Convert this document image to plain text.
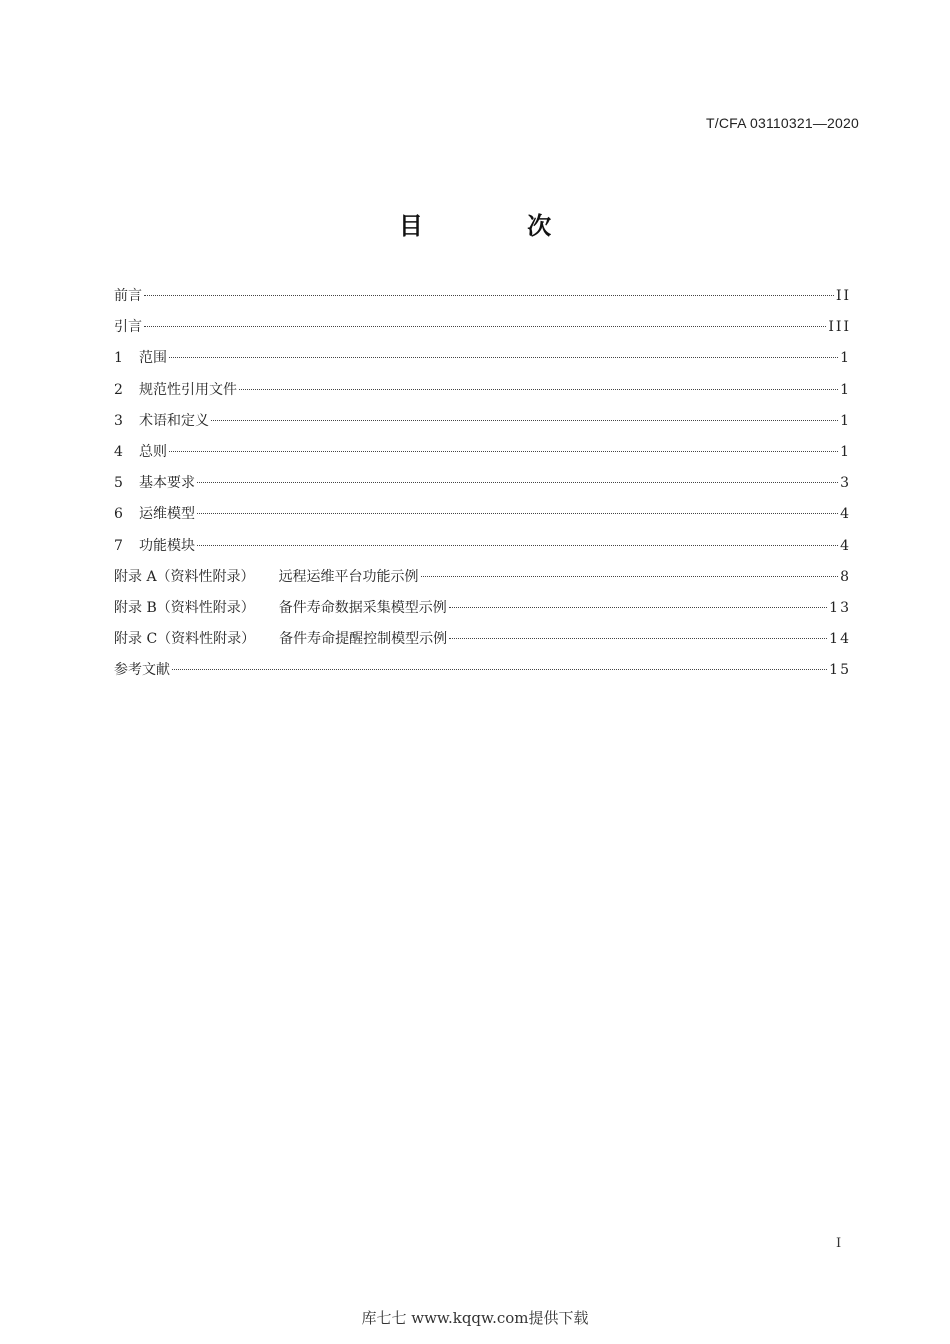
T/CFA 03110321—2020
目 次
前言	II
引言	III
1	范围	1
2	规范性引用文件	1
3	术语和定义	1
4	总则	1
5	基本要求	3
6	运维模型	4
7	功能模块	4
附录 A（资料性附录） 远程运维平台功能示例	8
附录 B（资料性附录） 备件寿命数据采集模型示例	13
附录 C（资料性附录） 备件寿命提醒控制模型示例	14
参考文献	15
I
库七七 www.kqqw.com提供下载
